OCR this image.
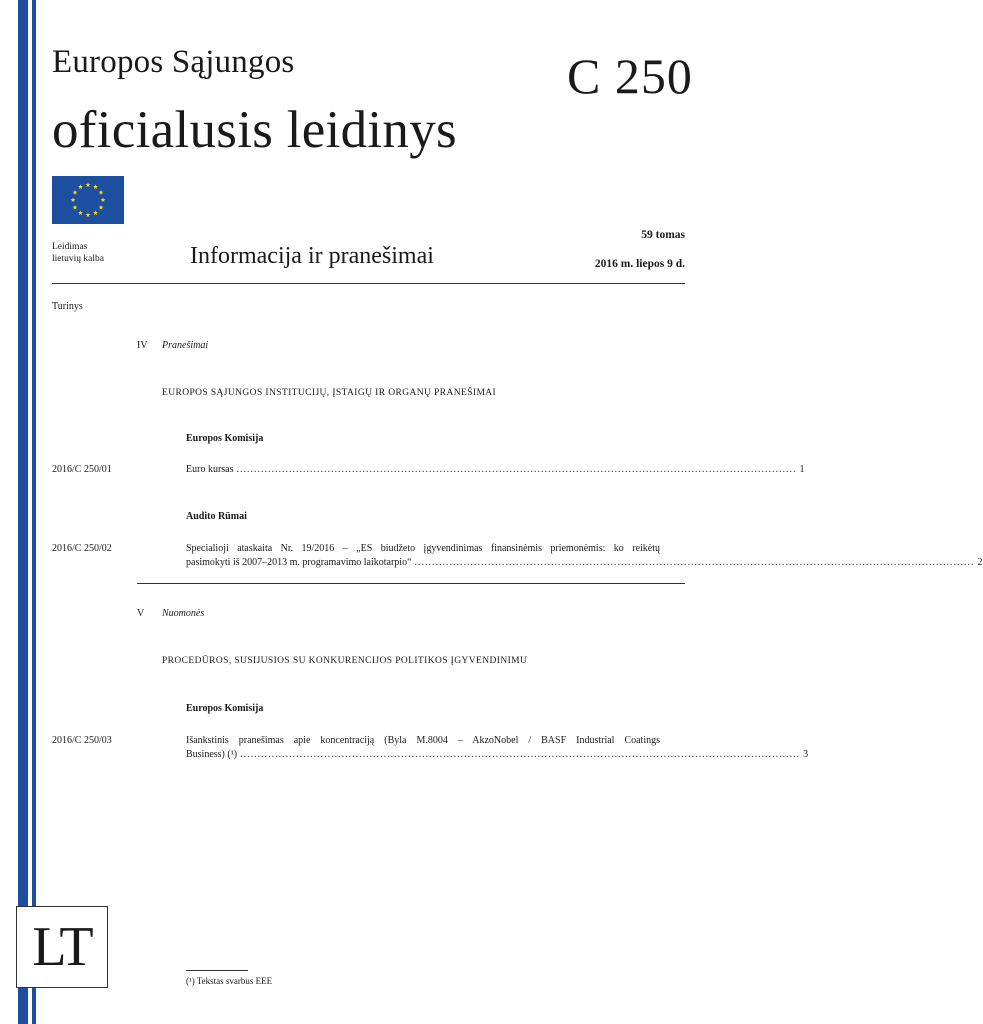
Europos Sąjungos
oficialusis leidinys
C 250
59 tomas
Leidimas
lietuvių kalba	Informacija ir pranešimai	2016 m. liepos 9 d.
Turinys
IV Pranešimai
EUROPOS SĄJUNGOS INSTITUCIJŲ, ĮSTAIGŲ IR ORGANŲ PRANEŠIMAI
Europos Komisija
2016/C 250/01	Euro kursas ................................................................................................................................................................ 1
Audito Rūmai
2016/C 250/02	Specialioji ataskaita Nr. 19/2016 – „ES biudžeto įgyvendinimas finansinėmis priemonėmis: ko reikėtų
pasimokyti iš 2007–2013 m. programavimo laikotarpio“ ................................................................................................................................................................ 2
V Nuomonės
PROCEDŪROS, SUSIJUSIOS SU KONKURENCIJOS POLITIKOS ĮGYVENDINIMU
Europos Komisija
2016/C 250/03	Išankstinis pranešimas apie koncentraciją (Byla M.8004 – AkzoNobel / BASF Industrial Coatings
Business) (¹) ................................................................................................................................................................ 3
LT
(¹) Tekstas svarbus EEE
